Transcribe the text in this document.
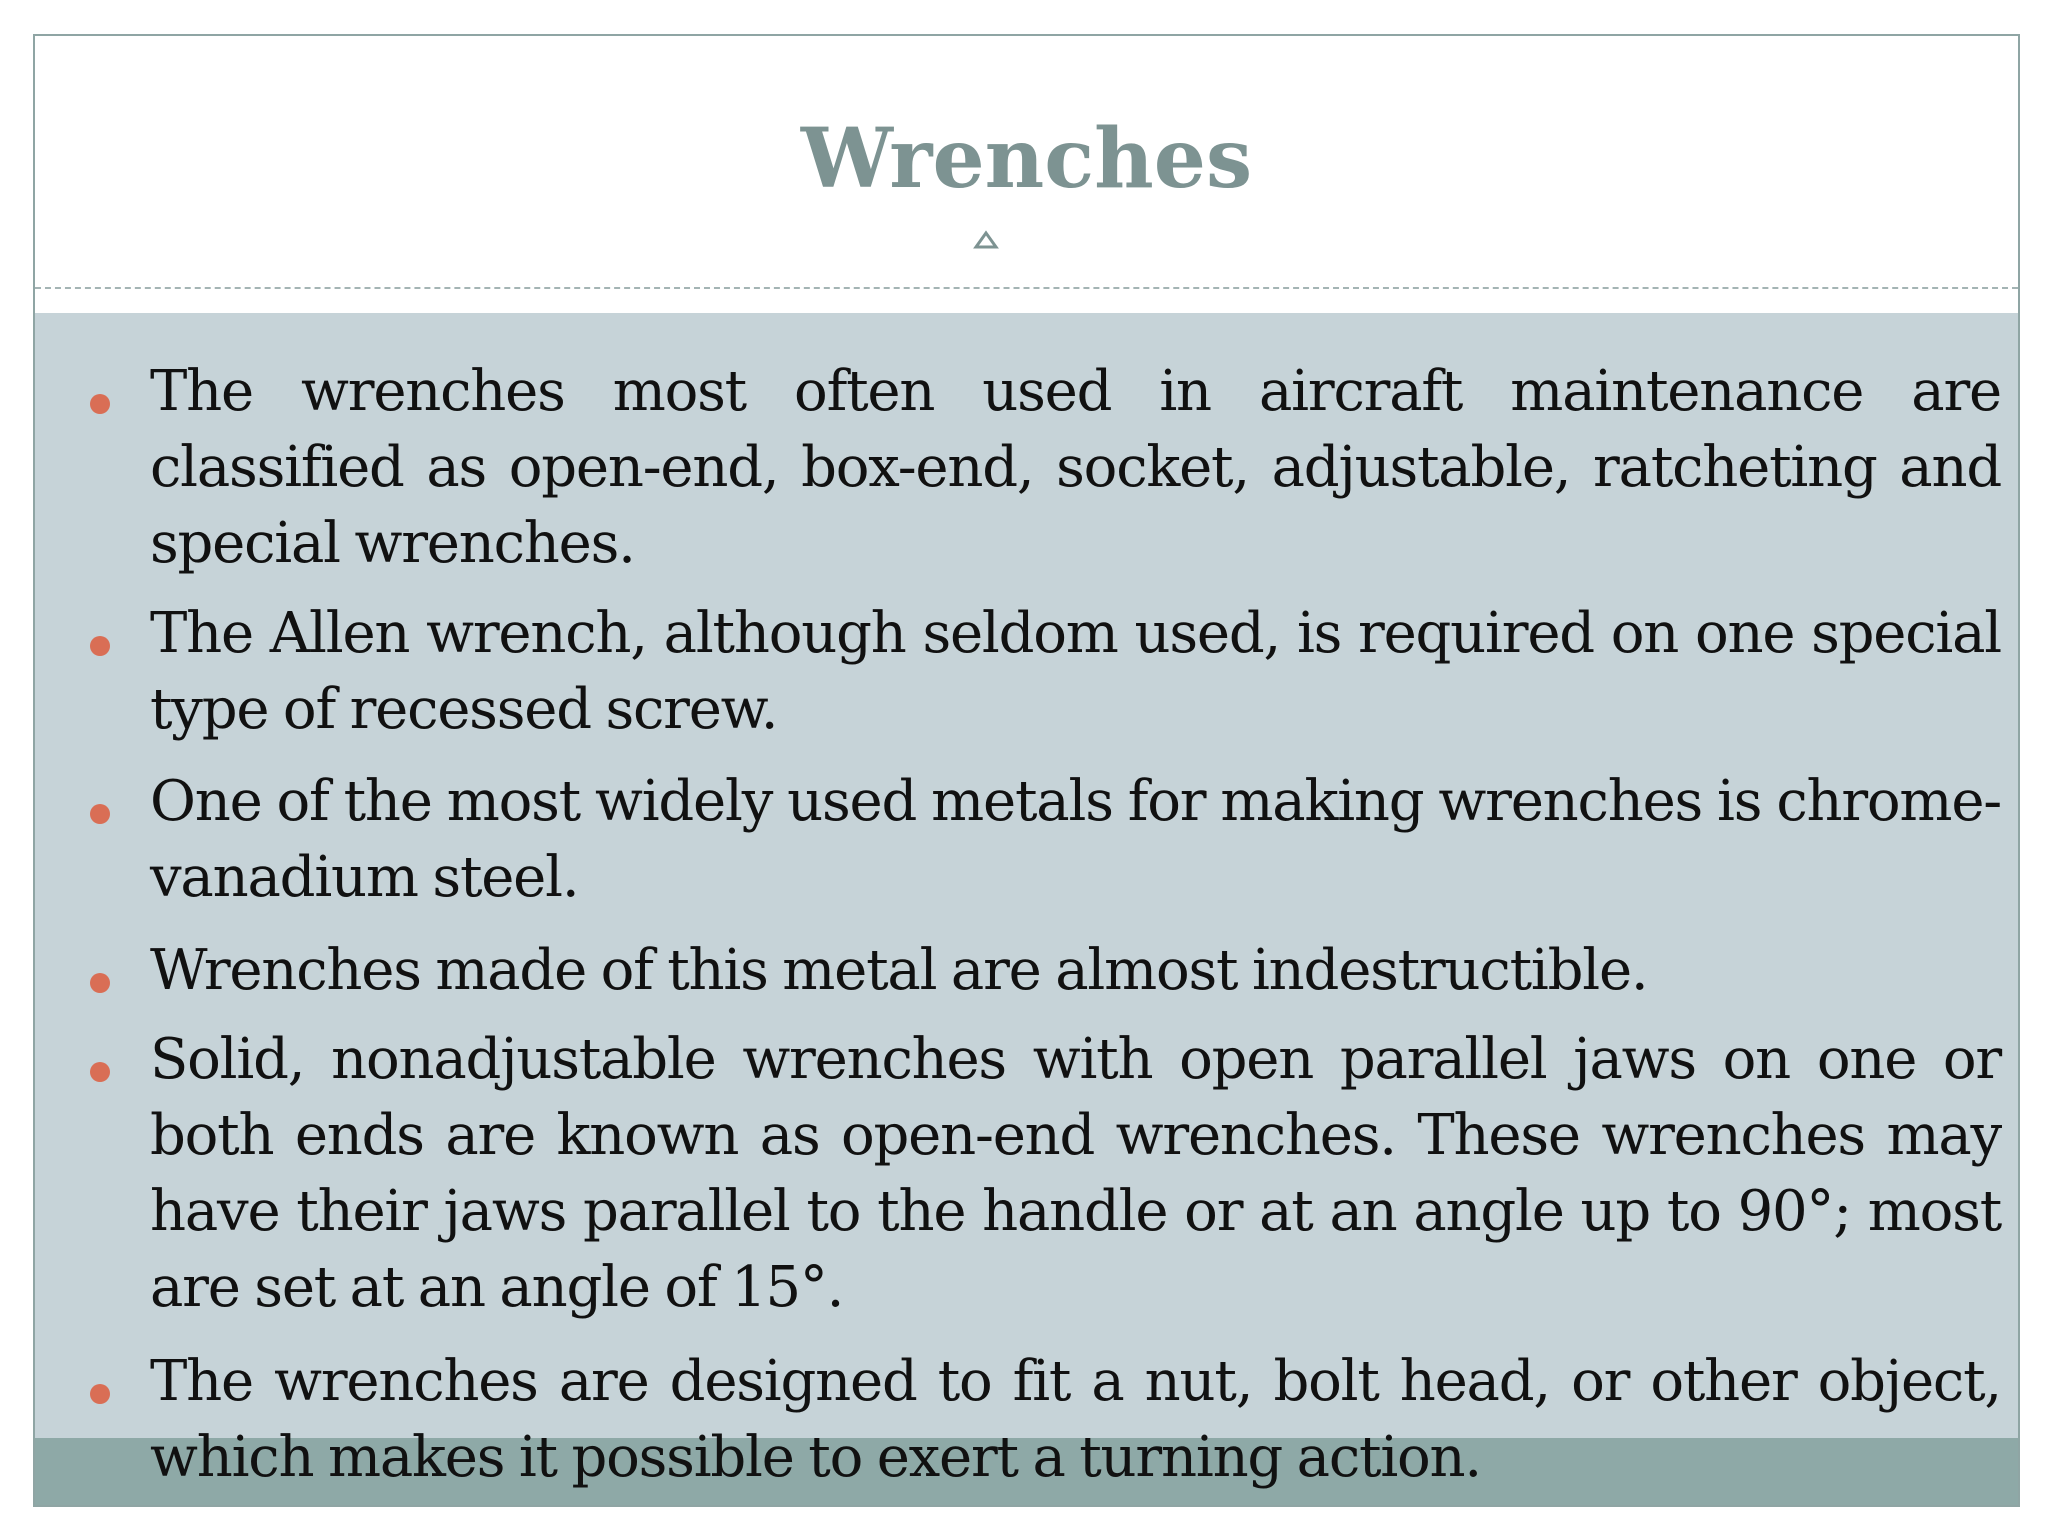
Wrenches
The wrenches most often used in aircraft maintenance are classified as open-end, box-end, socket, adjustable, ratcheting and special wrenches.
The Allen wrench, although seldom used, is required on one special type of recessed screw.
One of the most widely used metals for making wrenches is chrome-vanadium steel.
Wrenches made of this metal are almost indestructible.
Solid, nonadjustable wrenches with open parallel jaws on one or both ends are known as open-end wrenches. These wrenches may have their jaws parallel to the handle or at an angle up to 90°; most are set at an angle of 15°.
The wrenches are designed to fit a nut, bolt head, or other object, which makes it possible to exert a turning action.
